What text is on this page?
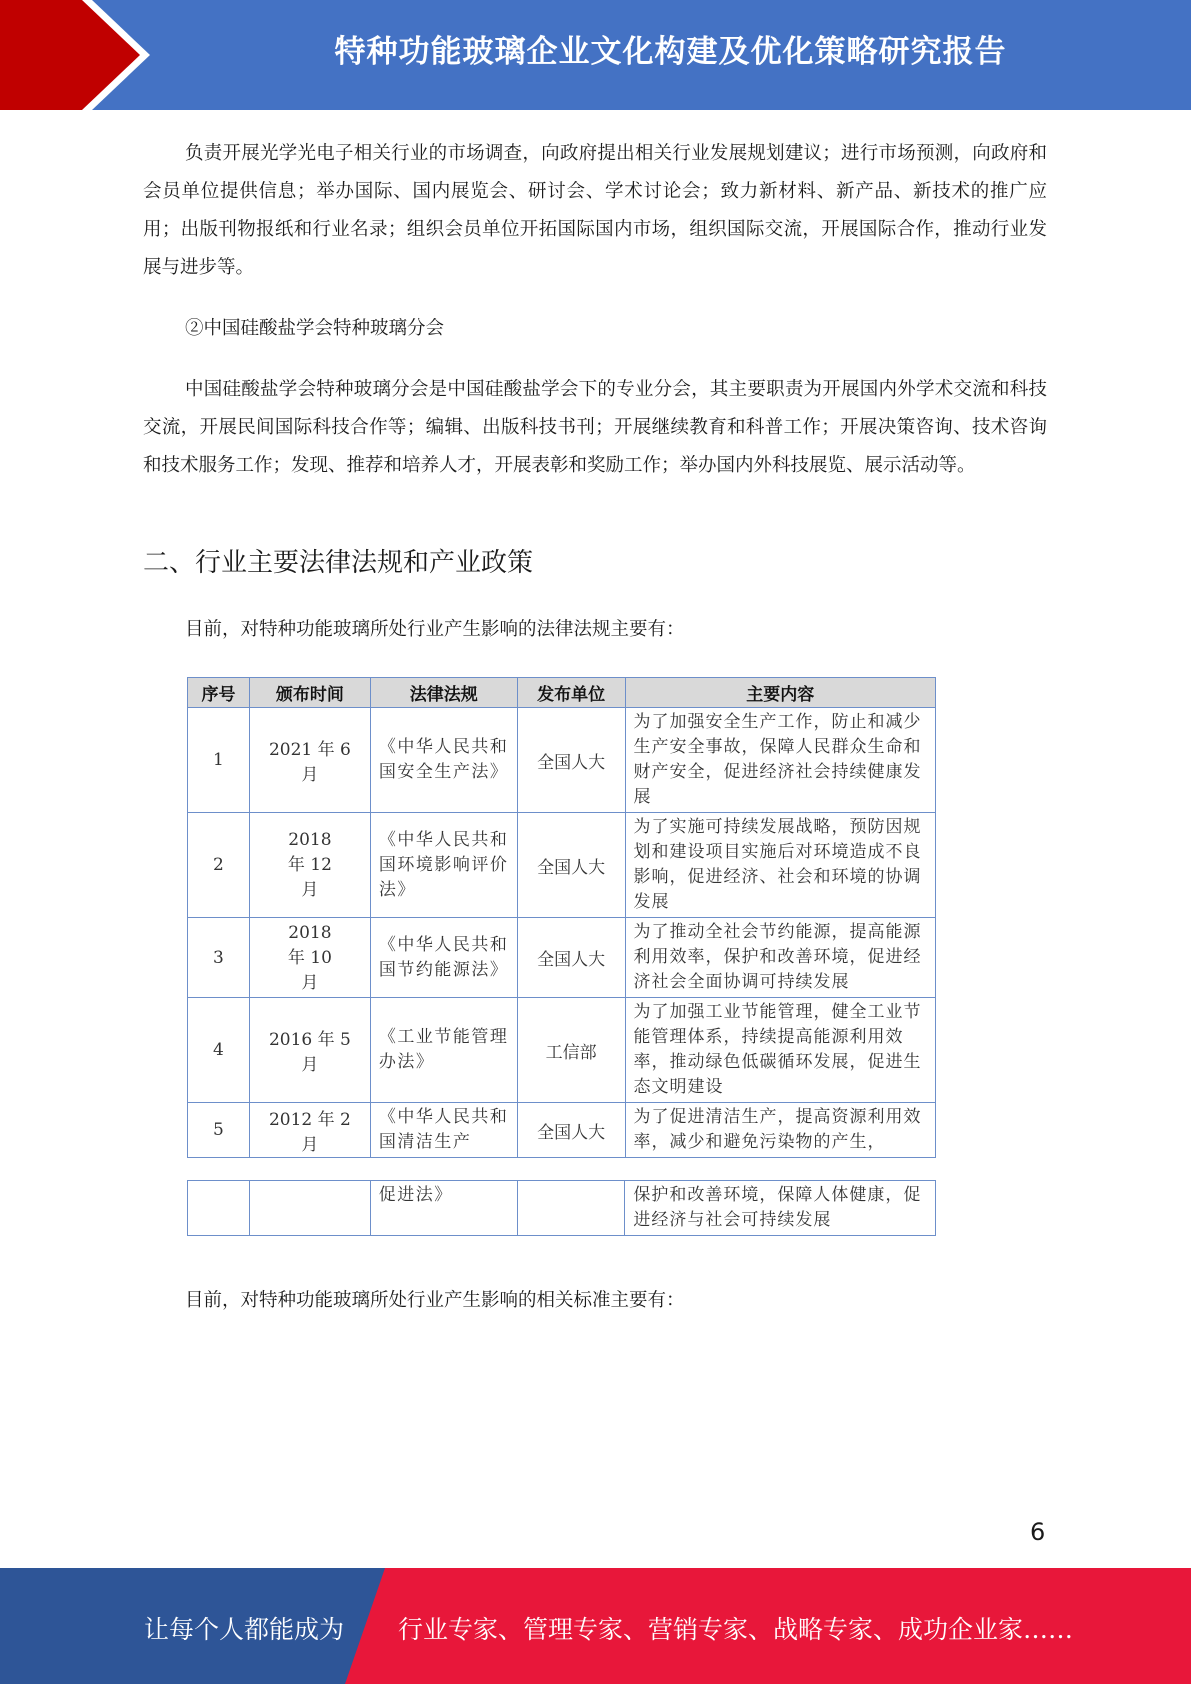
特种功能玻璃企业文化构建及优化策略研究报告

负责开展光学光电子相关行业的市场调查，向政府提出相关行业发展规划建议；进行市场预测，向政府和会员单位提供信息；举办国际、国内展览会、研讨会、学术讨论会；致力新材料、新产品、新技术的推广应用；出版刊物报纸和行业名录；组织会员单位开拓国际国内市场，组织国际交流，开展国际合作，推动行业发展与进步等。

②中国硅酸盐学会特种玻璃分会

中国硅酸盐学会特种玻璃分会是中国硅酸盐学会下的专业分会，其主要职责为开展国内外学术交流和科技交流，开展民间国际科技合作等；编辑、出版科技书刊；开展继续教育和科普工作；开展决策咨询、技术咨询和技术服务工作；发现、推荐和培养人才，开展表彰和奖励工作；举办国内外科技展览、展示活动等。

二、行业主要法律法规和产业政策

目前，对特种功能玻璃所处行业产生影响的法律法规主要有：

序号	颁布时间	法律法规	发布单位	主要内容
1	2021 年 6 月	《中华人民共和国安全生产法》	全国人大	为了加强安全生产工作，防止和减少生产安全事故，保障人民群众生命和财产安全，促进经济社会持续健康发展
2	2018 年 12 月	《中华人民共和国环境影响评价法》	全国人大	为了实施可持续发展战略，预防因规划和建设项目实施后对环境造成不良影响，促进经济、社会和环境的协调发展
3	2018 年 10 月	《中华人民共和国节约能源法》	全国人大	为了推动全社会节约能源，提高能源利用效率，保护和改善环境，促进经济社会全面协调可持续发展
4	2016 年 5 月	《工业节能管理办法》	工信部	为了加强工业节能管理，健全工业节能管理体系，持续提高能源利用效率，推动绿色低碳循环发展，促进生态文明建设
5	2012 年 2 月	《中华人民共和国清洁生产	全国人大	为了促进清洁生产，提高资源利用效率，减少和避免污染物的产生，
		促进法》		保护和改善环境，保障人体健康，促进经济与社会可持续发展

目前，对特种功能玻璃所处行业产生影响的相关标准主要有：

6
让每个人都能成为 行业专家、管理专家、营销专家、战略专家、成功企业家……
